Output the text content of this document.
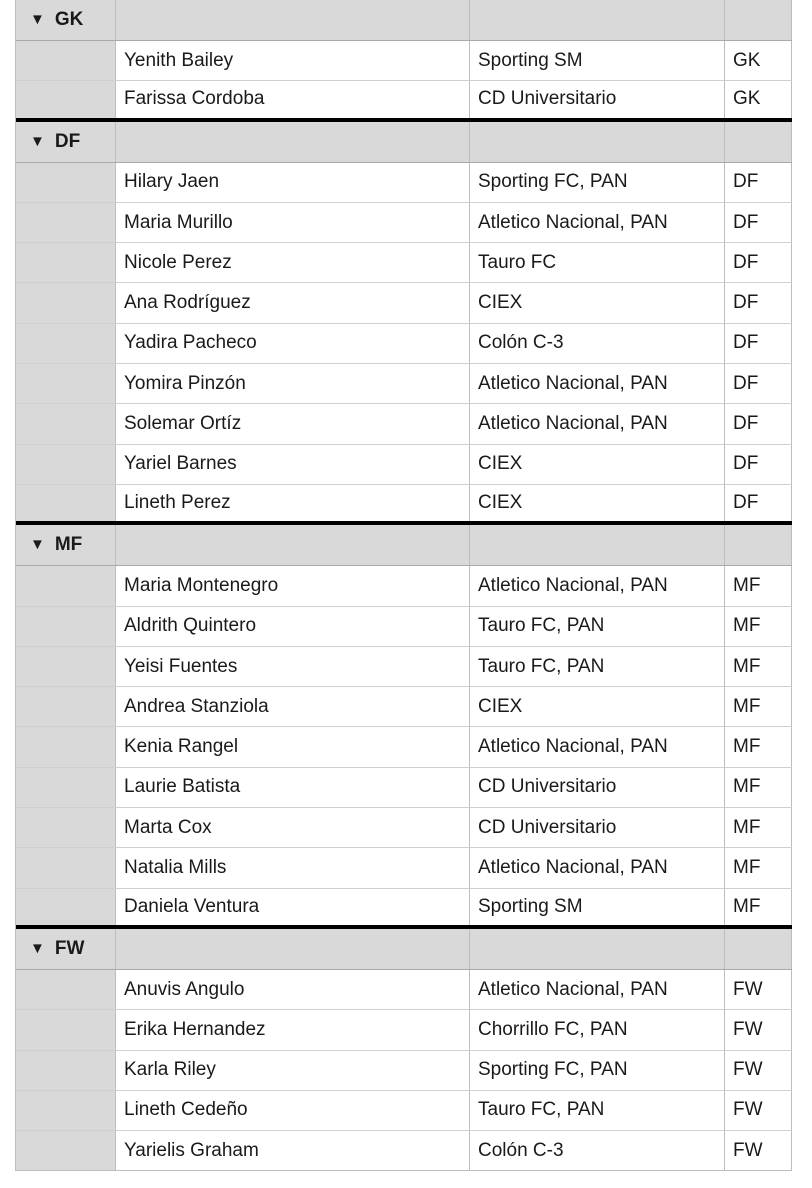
▼ GK
Yenith Bailey	Sporting SM	GK
Farissa Cordoba	CD Universitario	GK
▼ DF
Hilary Jaen	Sporting FC, PAN	DF
Maria Murillo	Atletico Nacional, PAN	DF
Nicole Perez	Tauro FC	DF
Ana Rodríguez	CIEX	DF
Yadira Pacheco	Colón C-3	DF
Yomira Pinzón	Atletico Nacional, PAN	DF
Solemar Ortíz	Atletico Nacional, PAN	DF
Yariel Barnes	CIEX	DF
Lineth Perez	CIEX	DF
▼ MF
Maria Montenegro	Atletico Nacional, PAN	MF
Aldrith Quintero	Tauro FC, PAN	MF
Yeisi Fuentes	Tauro FC, PAN	MF
Andrea Stanziola	CIEX	MF
Kenia Rangel	Atletico Nacional, PAN	MF
Laurie Batista	CD Universitario	MF
Marta Cox	CD Universitario	MF
Natalia Mills	Atletico Nacional, PAN	MF
Daniela Ventura	Sporting SM	MF
▼ FW
Anuvis Angulo	Atletico Nacional, PAN	FW
Erika Hernandez	Chorrillo FC, PAN	FW
Karla Riley	Sporting FC, PAN	FW
Lineth Cedeño	Tauro FC, PAN	FW
Yarielis Graham	Colón C-3	FW
